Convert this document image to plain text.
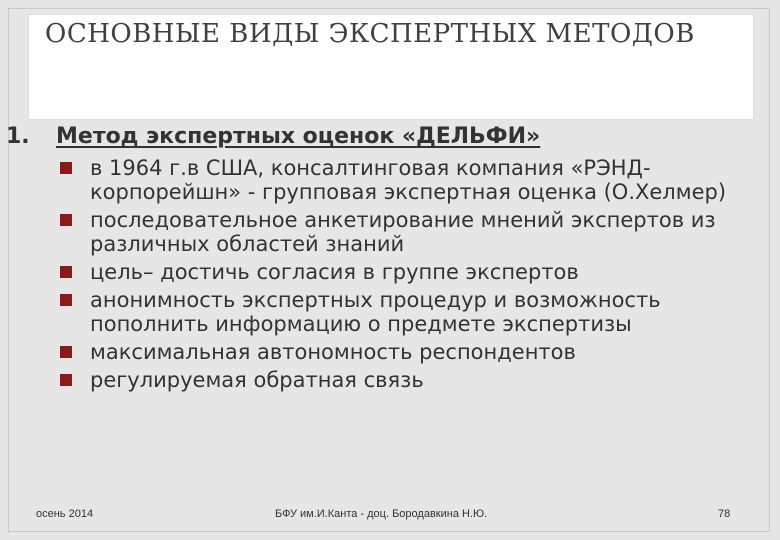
ОСНОВНЫЕ ВИДЫ ЭКСПЕРТНЫХ МЕТОДОВ
1. Метод экспертных оценок «ДЕЛЬФИ»
в 1964 г.в США, консалтинговая компания «РЭНД-корпорейшн» - групповая экспертная оценка (О.Хелмер)
последовательное анкетирование мнений экспертов из различных областей знаний
цель– достичь согласия в группе экспертов
анонимность экспертных процедур и возможность пополнить информацию о предмете экспертизы
максимальная автономность респондентов
регулируемая обратная связь
осень 2014	БФУ им.И.Канта - доц. Бородавкина Н.Ю.	78
